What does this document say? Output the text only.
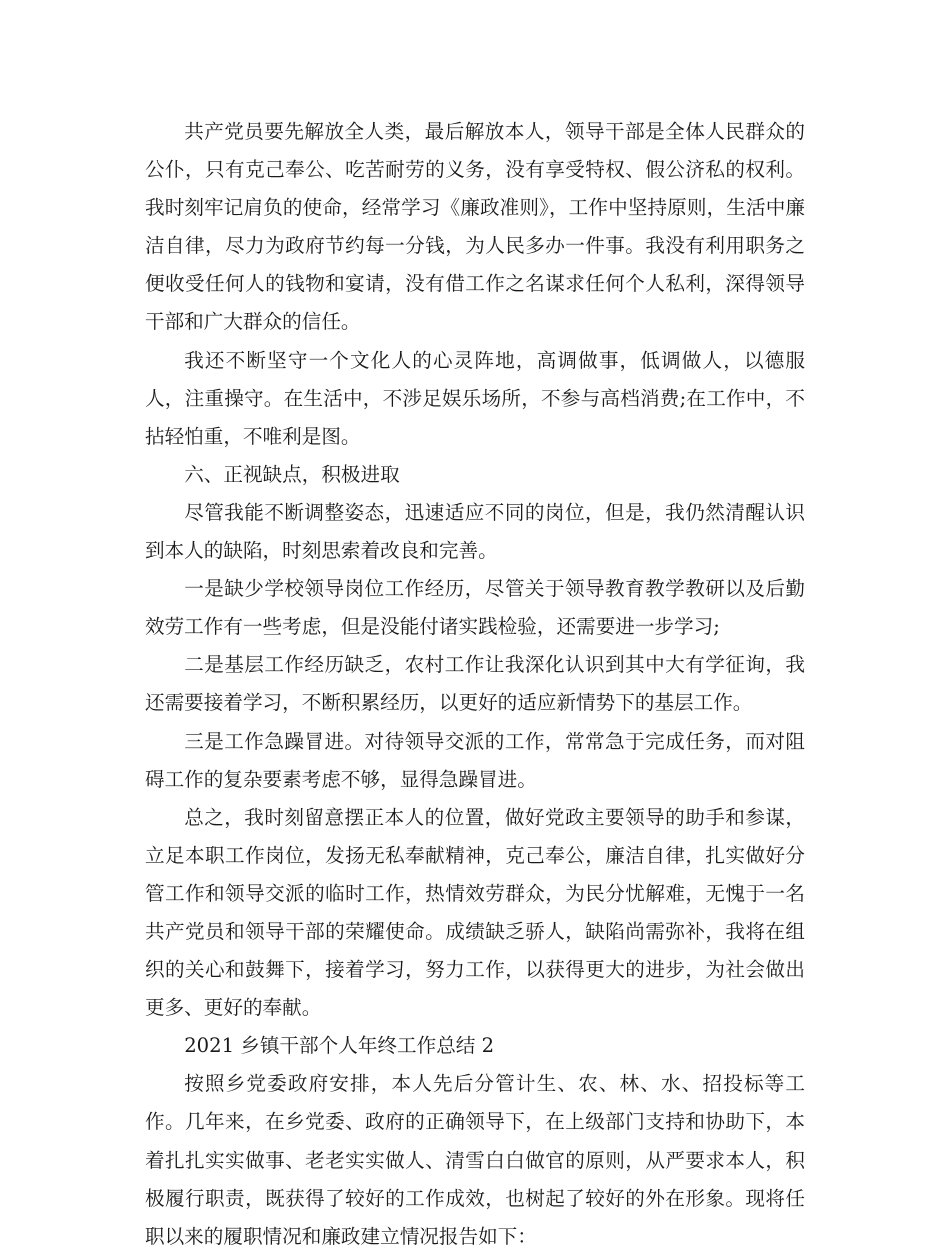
共产党员要先解放全人类，最后解放本人，领导干部是全体人民群众的公仆，只有克己奉公、吃苦耐劳的义务，没有享受特权、假公济私的权利。我时刻牢记肩负的使命，经常学习《廉政准则》，工作中坚持原则，生活中廉洁自律，尽力为政府节约每一分钱，为人民多办一件事。我没有利用职务之便收受任何人的钱物和宴请，没有借工作之名谋求任何个人私利，深得领导干部和广大群众的信任。

我还不断坚守一个文化人的心灵阵地，高调做事，低调做人，以德服人，注重操守。在生活中，不涉足娱乐场所，不参与高档消费;在工作中，不拈轻怕重，不唯利是图。

六、正视缺点，积极进取

尽管我能不断调整姿态，迅速适应不同的岗位，但是，我仍然清醒认识到本人的缺陷，时刻思索着改良和完善。

一是缺少学校领导岗位工作经历，尽管关于领导教育教学教研以及后勤效劳工作有一些考虑，但是没能付诸实践检验，还需要进一步学习;

二是基层工作经历缺乏，农村工作让我深化认识到其中大有学征询，我还需要接着学习，不断积累经历，以更好的适应新情势下的基层工作。

三是工作急躁冒进。对待领导交派的工作，常常急于完成任务，而对阻碍工作的复杂要素考虑不够，显得急躁冒进。

总之，我时刻留意摆正本人的位置，做好党政主要领导的助手和参谋，立足本职工作岗位，发扬无私奉献精神，克己奉公，廉洁自律，扎实做好分管工作和领导交派的临时工作，热情效劳群众，为民分忧解难，无愧于一名共产党员和领导干部的荣耀使命。成绩缺乏骄人，缺陷尚需弥补，我将在组织的关心和鼓舞下，接着学习，努力工作，以获得更大的进步，为社会做出更多、更好的奉献。

2021 乡镇干部个人年终工作总结 2

按照乡党委政府安排，本人先后分管计生、农、林、水、招投标等工作。几年来，在乡党委、政府的正确领导下，在上级部门支持和协助下，本着扎扎实实做事、老老实实做人、清雪白白做官的原则，从严要求本人，积极履行职责，既获得了较好的工作成效，也树起了较好的外在形象。现将任职以来的履职情况和廉政建立情况报告如下：
